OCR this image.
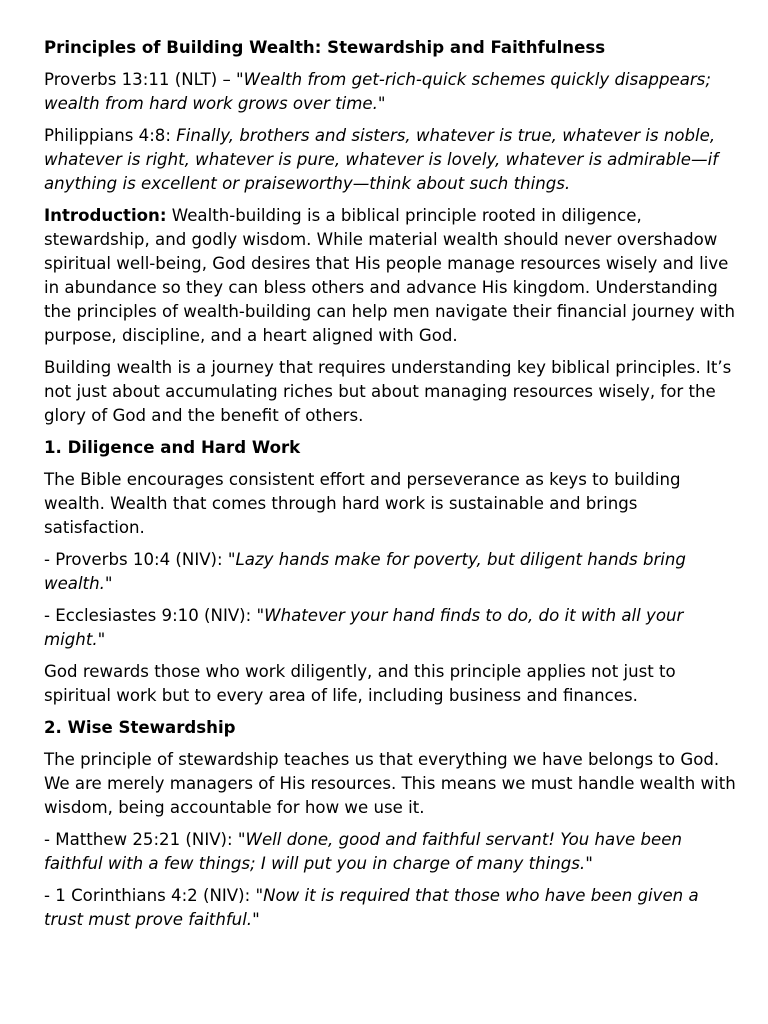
Principles of Building Wealth: Stewardship and Faithfulness

Proverbs 13:11 (NLT) – "Wealth from get-rich-quick schemes quickly disappears; wealth from hard work grows over time."

Philippians 4:8: Finally, brothers and sisters, whatever is true, whatever is noble, whatever is right, whatever is pure, whatever is lovely, whatever is admirable—if anything is excellent or praiseworthy—think about such things.

Introduction: Wealth-building is a biblical principle rooted in diligence, stewardship, and godly wisdom. While material wealth should never overshadow spiritual well-being, God desires that His people manage resources wisely and live in abundance so they can bless others and advance His kingdom. Understanding the principles of wealth-building can help men navigate their financial journey with purpose, discipline, and a heart aligned with God.

Building wealth is a journey that requires understanding key biblical principles. It’s not just about accumulating riches but about managing resources wisely, for the glory of God and the benefit of others.

1. Diligence and Hard Work

The Bible encourages consistent effort and perseverance as keys to building wealth. Wealth that comes through hard work is sustainable and brings satisfaction.

- Proverbs 10:4 (NIV): "Lazy hands make for poverty, but diligent hands bring wealth."

- Ecclesiastes 9:10 (NIV): "Whatever your hand finds to do, do it with all your might."

God rewards those who work diligently, and this principle applies not just to spiritual work but to every area of life, including business and finances.

2. Wise Stewardship

The principle of stewardship teaches us that everything we have belongs to God. We are merely managers of His resources. This means we must handle wealth with wisdom, being accountable for how we use it.

- Matthew 25:21 (NIV): "Well done, good and faithful servant! You have been faithful with a few things; I will put you in charge of many things."

- 1 Corinthians 4:2 (NIV): "Now it is required that those who have been given a trust must prove faithful."
